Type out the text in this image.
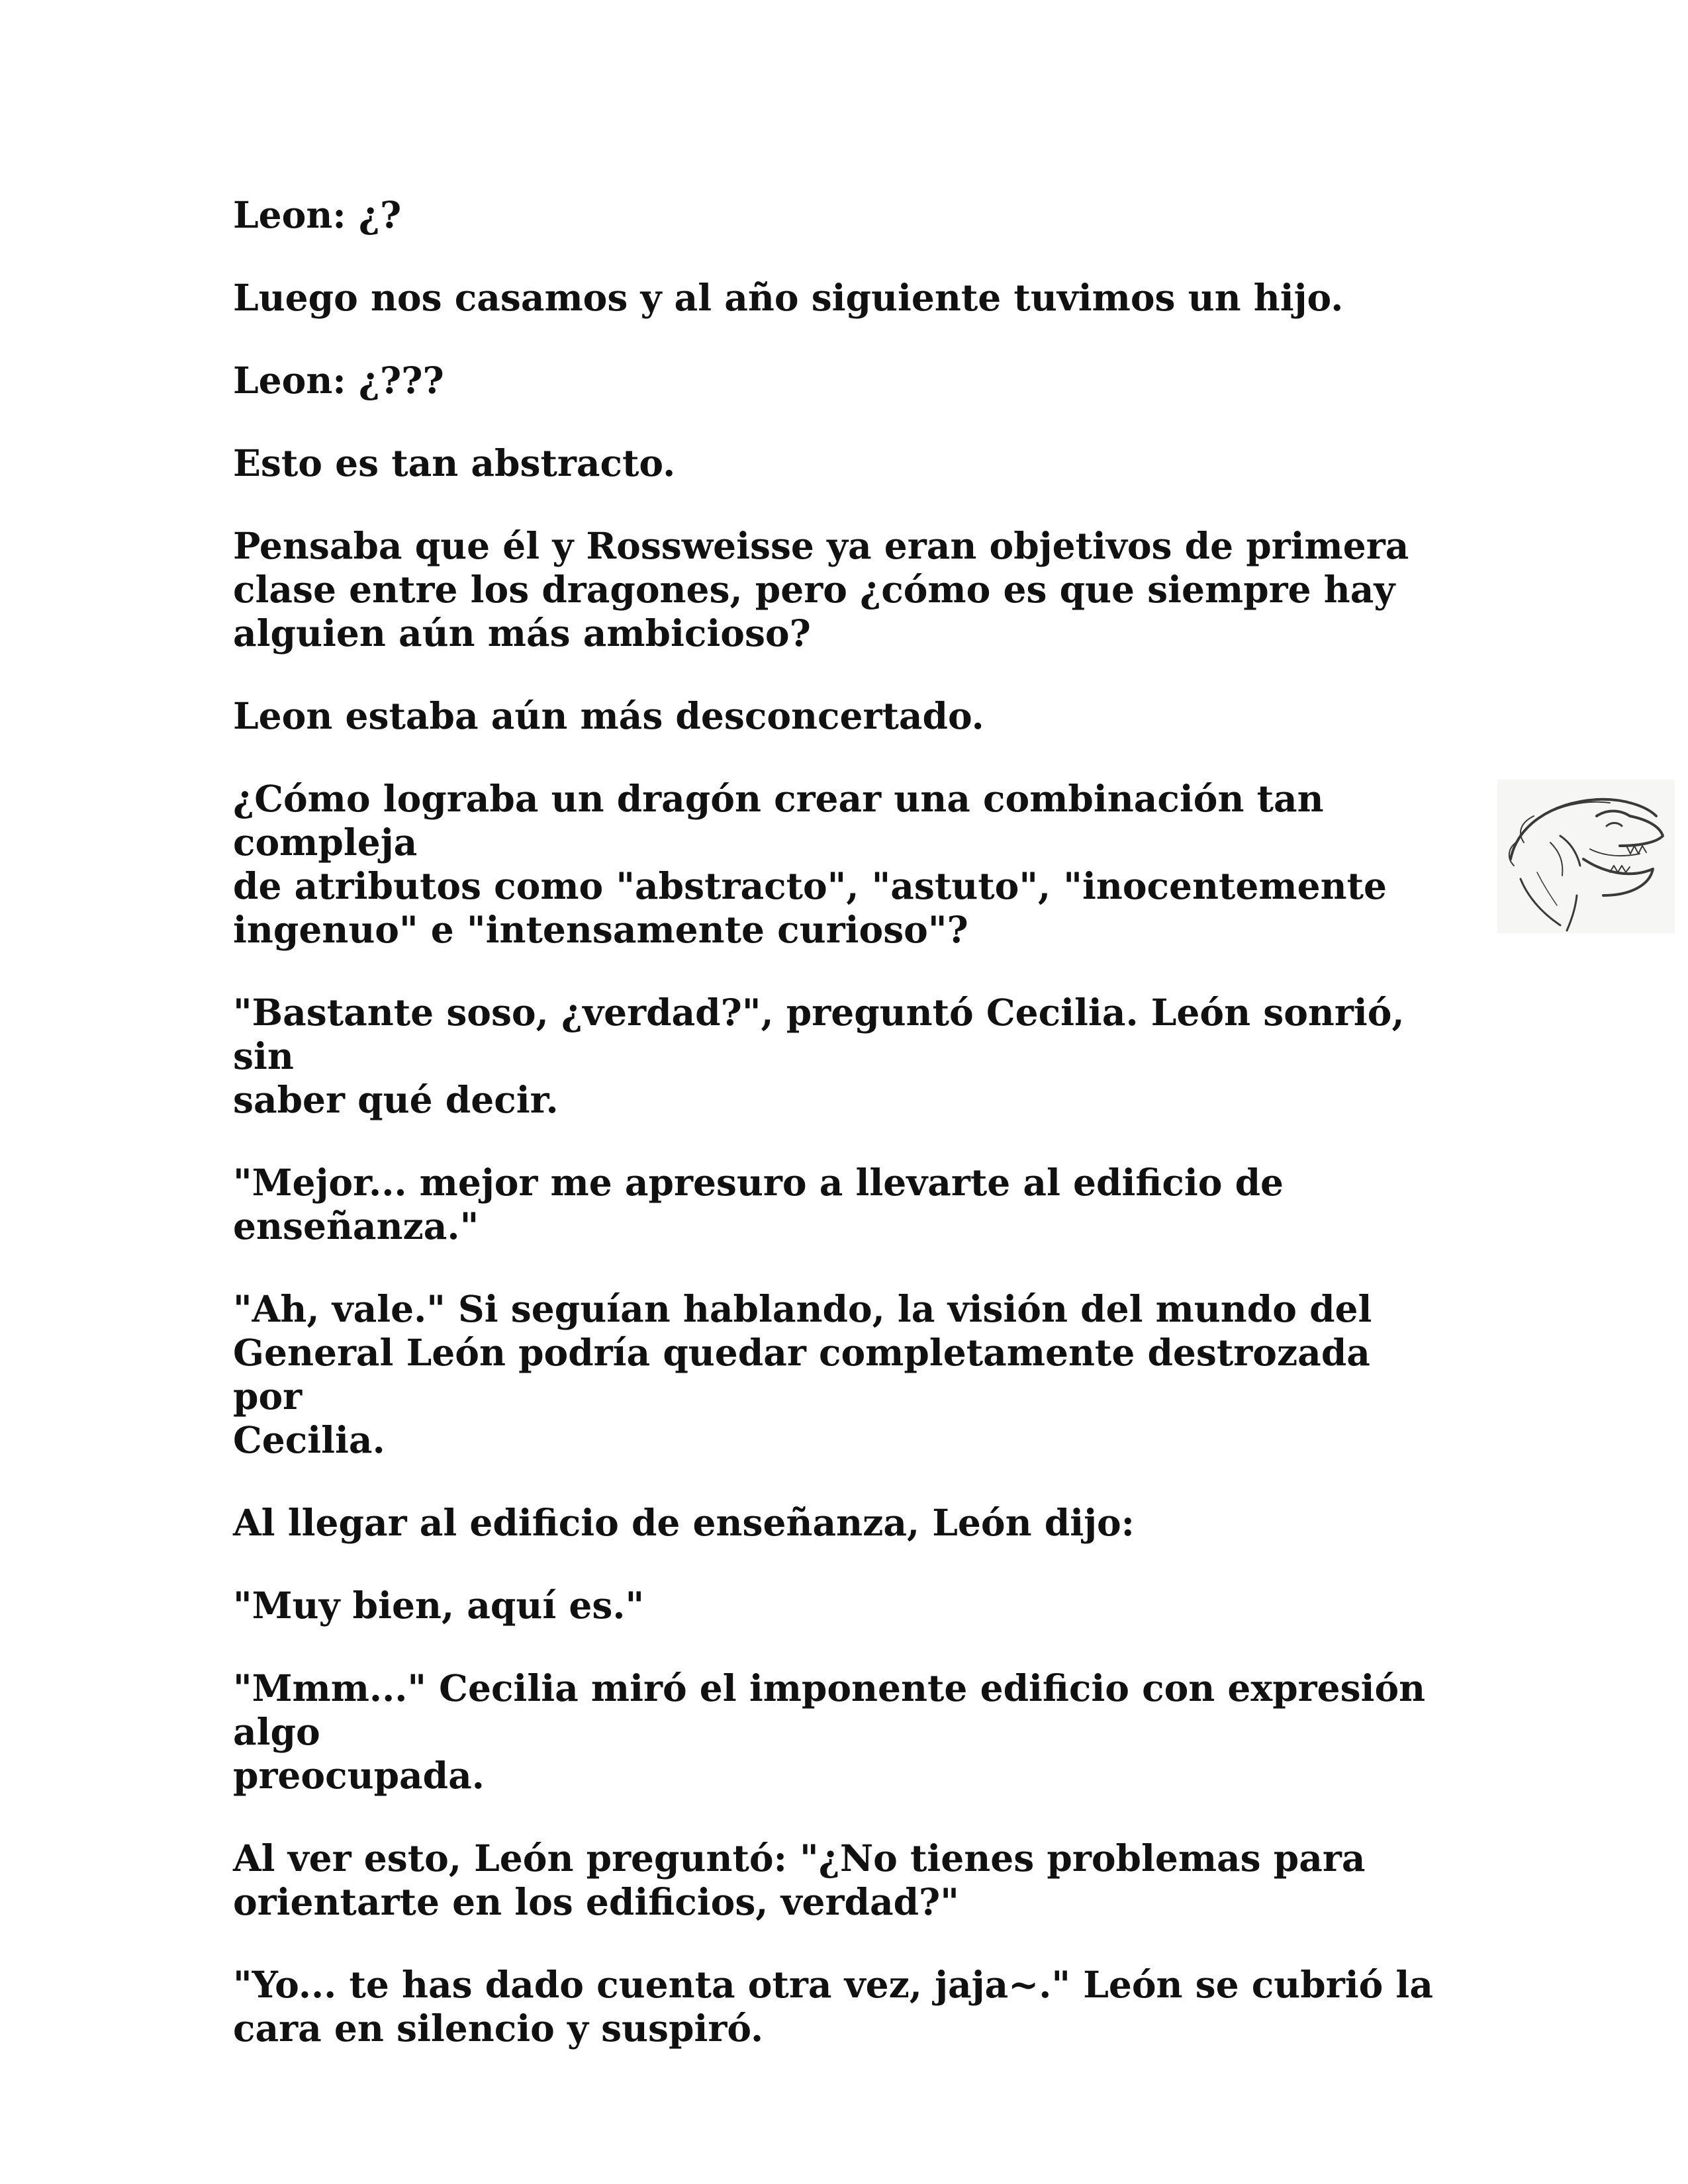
Leon: ¿?

Luego nos casamos y al año siguiente tuvimos un hijo.

Leon: ¿???

Esto es tan abstracto.

Pensaba que él y Rossweisse ya eran objetivos de primera
clase entre los dragones, pero ¿cómo es que siempre hay
alguien aún más ambicioso?

Leon estaba aún más desconcertado.

¿Cómo lograba un dragón crear una combinación tan compleja
de atributos como "abstracto", "astuto", "inocentemente
ingenuo" e "intensamente curioso"?

"Bastante soso, ¿verdad?", preguntó Cecilia. León sonrió, sin
saber qué decir.

"Mejor... mejor me apresuro a llevarte al edificio de
enseñanza."

"Ah, vale." Si seguían hablando, la visión del mundo del
General León podría quedar completamente destrozada por
Cecilia.

Al llegar al edificio de enseñanza, León dijo:

"Muy bien, aquí es."

"Mmm..." Cecilia miró el imponente edificio con expresión algo
preocupada.

Al ver esto, León preguntó: "¿No tienes problemas para
orientarte en los edificios, verdad?"

"Yo... te has dado cuenta otra vez, jaja~." León se cubrió la
cara en silencio y suspiró.
